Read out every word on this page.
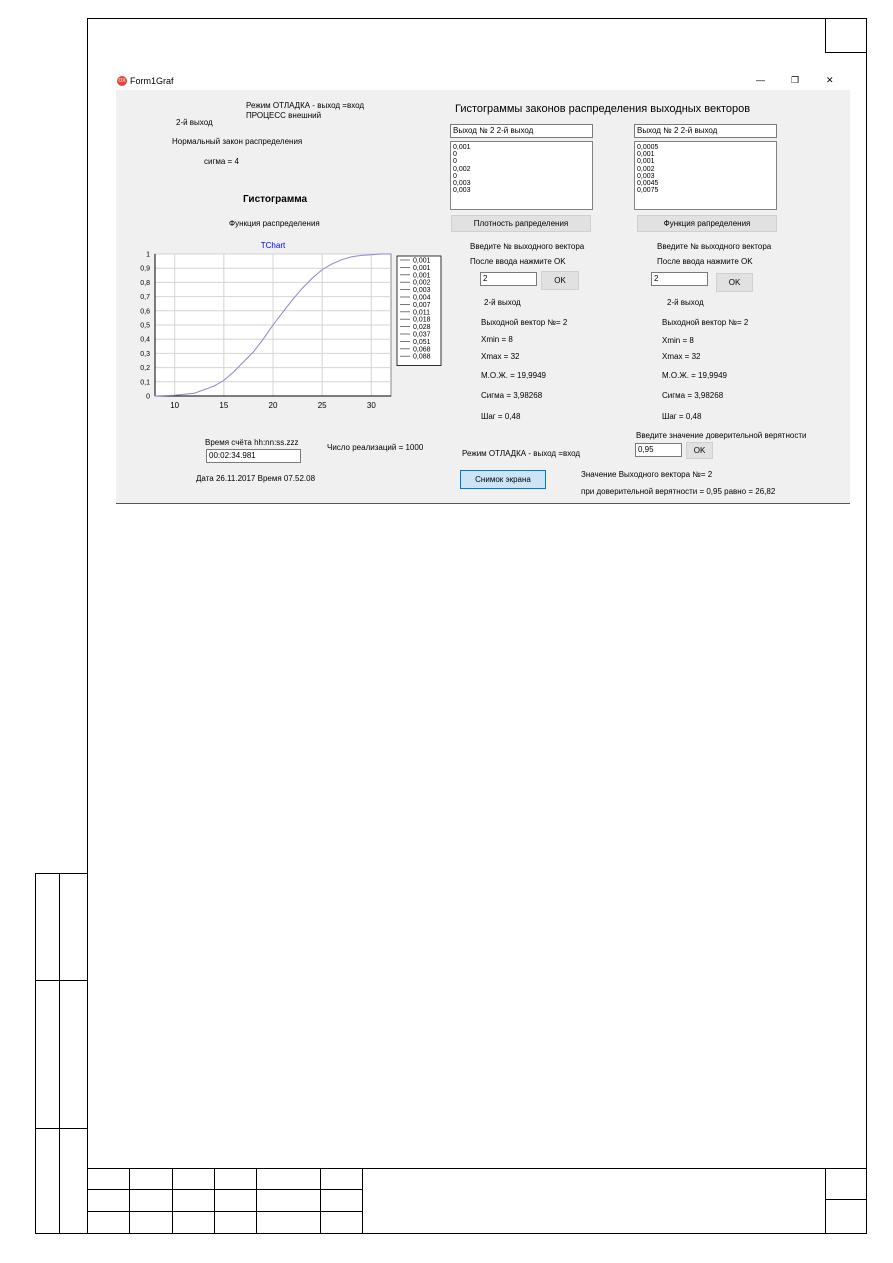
OX Form1Graf	—	❐	✕
Режим ОТЛАДКА - выход =вход
ПРОЦЕСС внешний
2-й выход
Нормальный закон распределения
сигма = 4
Гистограмма
Функция распределения
TChart
0
0,1
0,2
0,3
0,4
0,5
0,6
0,7
0,8
0,9
1
10	15	20	25	30
0,001
0,001
0,001
0,002
0,003
0,004
0,007
0,011
0,018
0,028
0,037
0,051
0,068
0,088
Время счёта hh:nn:ss.zzz
00:02:34.981
Число реализаций = 1000
Дата 26.11.2017 Время 07.52.08
Гистограммы законов распределения выходных векторов
Выход № 2 2-й выход
0,001
0
0
0,002
0
0,003
0,003
Плотность рапределения
Введите № выходного вектора
После ввода нажмите OK
2	OK
2-й выход
Выходной вектор №= 2
Xmin = 8
Xmax = 32
М.О.Ж. = 19,9949
Сигма = 3,98268
Шаг = 0,48
Выход № 2 2-й выход
0,0005
0,001
0,001
0,002
0,003
0,0045
0,0075
Функция рапределения
Введите № выходного вектора
После ввода нажмите OK
2	OK
2-й выход
Выходной вектор №= 2
Xmin = 8
Xmax = 32
М.О.Ж. = 19,9949
Сигма = 3,98268
Шаг = 0,48
Введите значение доверительной верятности
0,95	OK
Режим ОТЛАДКА - выход =вход
Снимок экрана
Значение Выходного вектора №= 2
при доверительной верятности = 0,95 равно = 26,82
